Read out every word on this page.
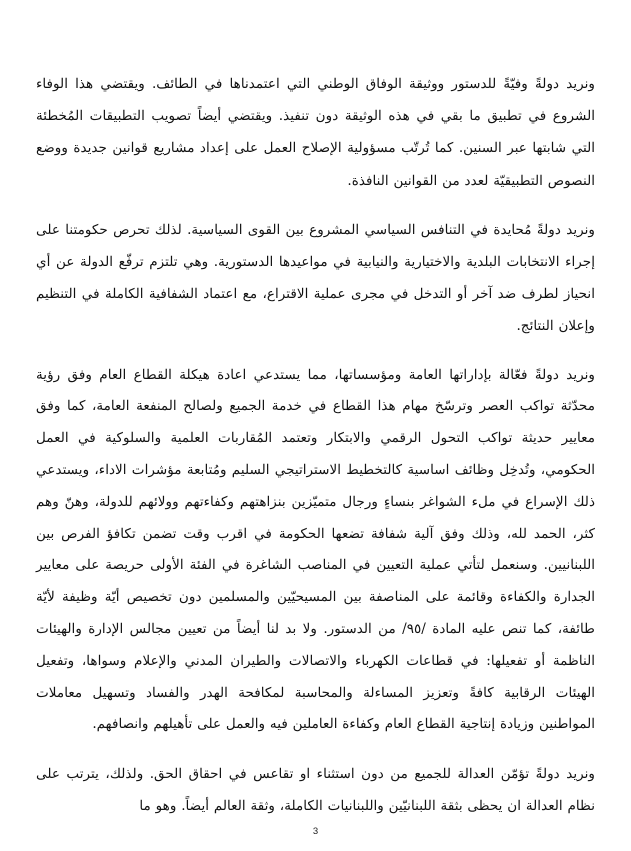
ونريد دولةً وفيّةً للدستور ووثيقة الوفاق الوطني التي اعتمدناها في الطائف. ويقتضي هذا الوفاء الشروع في تطبيق ما بقي في هذه الوثيقة دون تنفيذ. ويقتضي أيضاً تصويب التطبيقات المُخطئة التي شابتها عبر السنين. كما تُرتّب مسؤولية الإصلاح العمل على إعداد مشاريع قوانين جديدة ووضع النصوص التطبيقيّة لعدد من القوانين النافذة.

ونريد دولةً مُحايدة في التنافس السياسي المشروع بين القوى السياسية. لذلك تحرص حكومتنا على إجراء الانتخابات البلدية والاختيارية والنيابية في مواعيدها الدستورية. وهي تلتزم ترفّع الدولة عن أي انحياز لطرف ضد آخر أو التدخل في مجرى عملية الاقتراع، مع اعتماد الشفافية الكاملة في التنظيم وإعلان النتائج.

ونريد دولةً فعّالة بإداراتها العامة ومؤسساتها، مما يستدعي اعادة هيكلة القطاع العام وفق رؤية محدّثة تواكب العصر وترسّخ مهام هذا القطاع في خدمة الجميع ولصالح المنفعة العامة، كما وفق معايير حديثة تواكب التحول الرقمي والابتكار وتعتمد المُقاربات العلمية والسلوكية في العمل الحكومي، وتُدخِل وظائف اساسية كالتخطيط الاستراتيجي السليم ومُتابعة مؤشرات الاداء، ويستدعي ذلك الإسراع في ملء الشواغر بنساءٍ ورجال متميّزين بنزاهتهم وكفاءتهم وولائهم للدولة، وهنّ وهم كثر، الحمد لله، وذلك وفق آلية شفافة تضعها الحكومة في اقرب وقت تضمن تكافؤ الفرص بين اللبنانيين. وسنعمل لتأتي عملية التعيين في المناصب الشاغرة في الفئة الأولى حريصة على معايير الجدارة والكفاءة وقائمة على المناصفة بين المسيحيّين والمسلمين دون تخصيص أيّة وظيفة لأيّة طائفة، كما تنص عليه المادة /٩٥/ من الدستور. ولا بد لنا أيضاً من تعيين مجالس الإدارة والهيئات الناظمة أو تفعيلها: في قطاعات الكهرباء والاتصالات والطيران المدني والإعلام وسواها، وتفعيل الهيئات الرقابية كافةً وتعزيز المساءلة والمحاسبة لمكافحة الهدر والفساد وتسهيل معاملات المواطنين وزيادة إنتاجية القطاع العام وكفاءة العاملين فيه والعمل على تأهيلهم وانصافهم.

ونريد دولةً تؤمّن العدالة للجميع من دون استثناء او تقاعس في احقاق الحق. ولذلك، يترتب على نظام العدالة ان يحظى بثقة اللبنانيّين واللبنانيات الكاملة، وثقة العالم أيضاً. وهو ما

3
